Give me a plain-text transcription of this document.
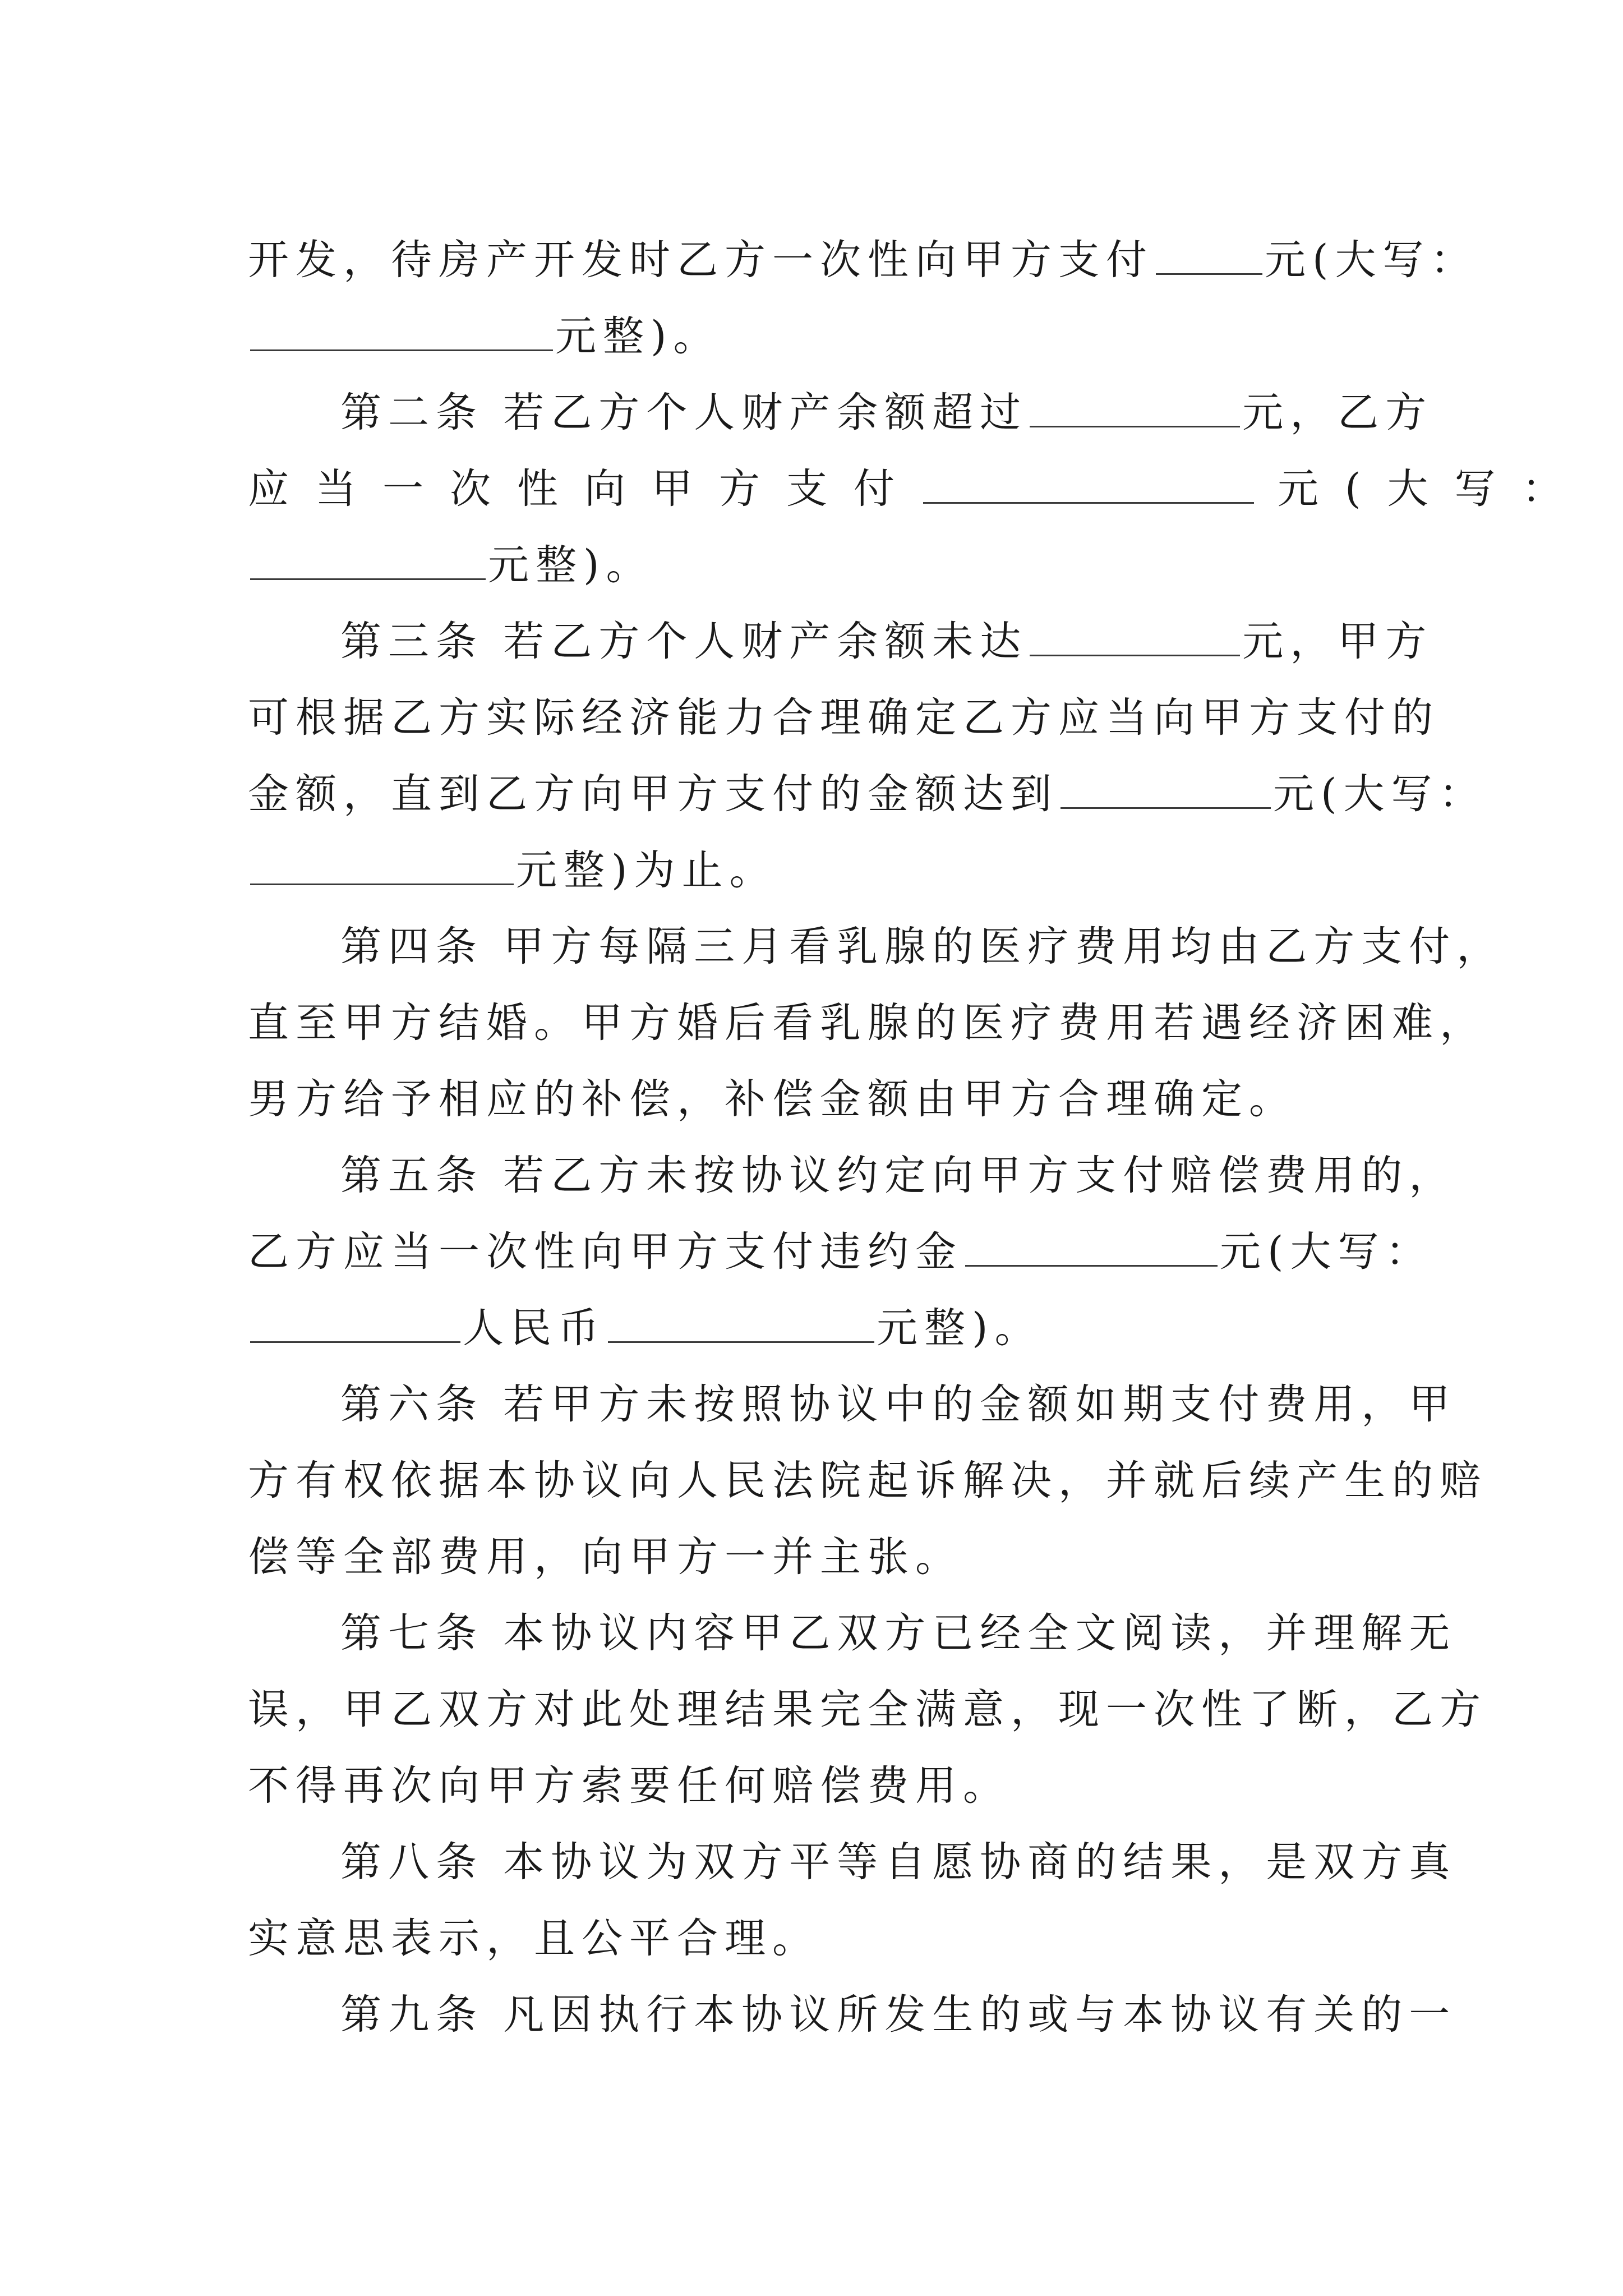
开发，待房产开发时乙方一次性向甲方支付	元(大写：
元整)。
第二条 若乙方个人财产余额超过	元，乙方
应当一次性向甲方支付	元(大写：
元整)。
第三条 若乙方个人财产余额未达	元，甲方
可根据乙方实际经济能力合理确定乙方应当向甲方支付的
金额，直到乙方向甲方支付的金额达到	元(大写：
元整)为止。
第四条 甲方每隔三月看乳腺的医疗费用均由乙方支付，
直至甲方结婚。甲方婚后看乳腺的医疗费用若遇经济困难，
男方给予相应的补偿，补偿金额由甲方合理确定。
第五条 若乙方未按协议约定向甲方支付赔偿费用的，
乙方应当一次性向甲方支付违约金	元(大写：
人民币	元整)。
第六条 若甲方未按照协议中的金额如期支付费用，甲
方有权依据本协议向人民法院起诉解决，并就后续产生的赔
偿等全部费用，向甲方一并主张。
第七条 本协议内容甲乙双方已经全文阅读，并理解无
误，甲乙双方对此处理结果完全满意，现一次性了断，乙方
不得再次向甲方索要任何赔偿费用。
第八条 本协议为双方平等自愿协商的结果，是双方真
实意思表示，且公平合理。
第九条 凡因执行本协议所发生的或与本协议有关的一
